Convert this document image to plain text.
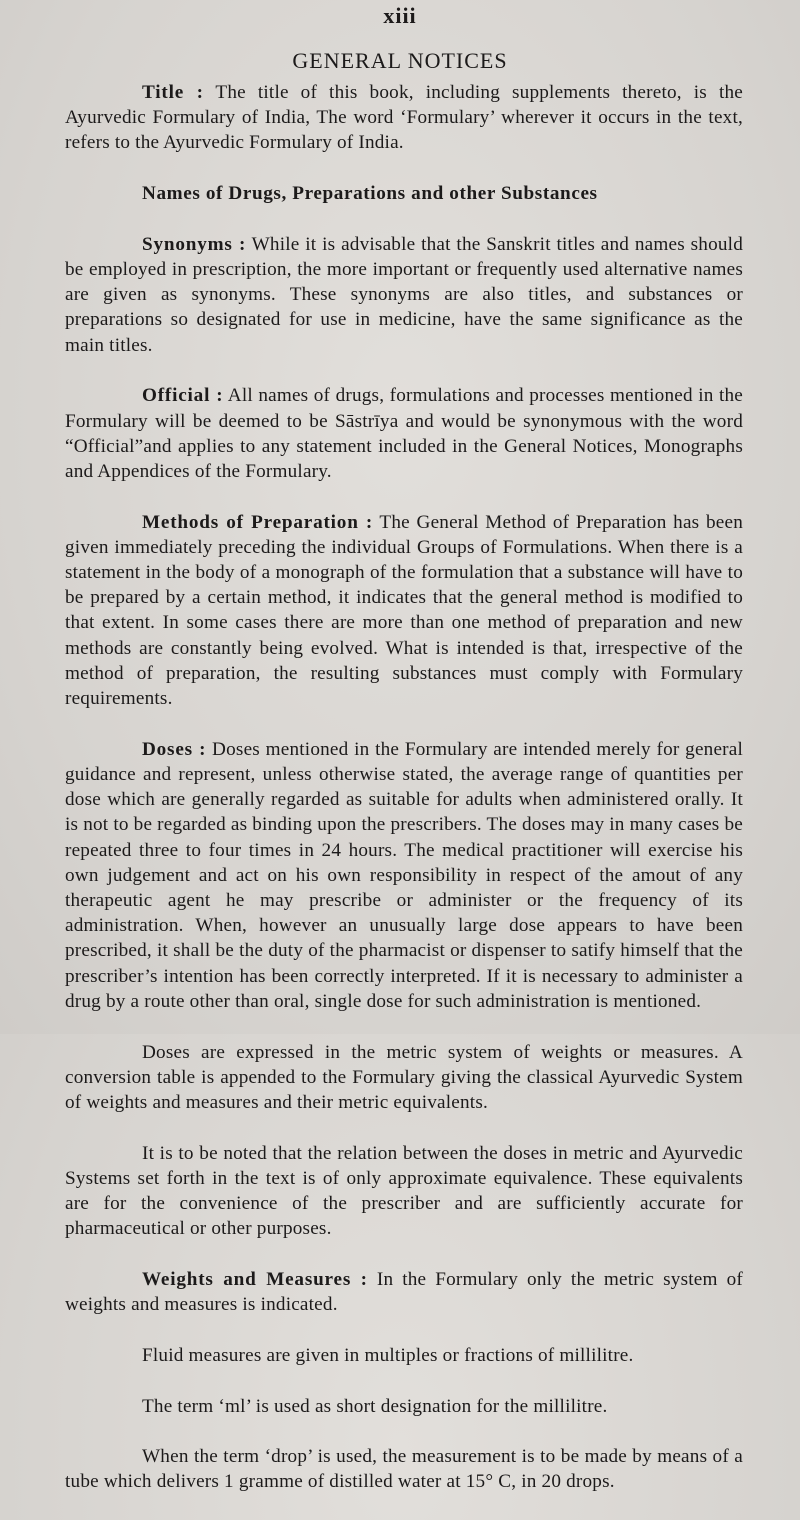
xiii
GENERAL NOTICES

Title : The title of this book, including supplements thereto, is the Ayurvedic Formulary of India, The word ‘Formulary’ wherever it occurs in the text, refers to the Ayurvedic Formulary of India.

Names of Drugs, Preparations and other Substances

Synonyms : While it is advisable that the Sanskrit titles and names should be employed in prescription, the more important or frequently used alternative names are given as synonyms. These synonyms are also titles, and substances or preparations so designated for use in medicine, have the same significance as the main titles.

Official : All names of drugs, formulations and processes mentioned in the Formulary will be deemed to be Sāstrīya and would be synonymous with the word “Official”and applies to any statement included in the General Notices, Monographs and Appendices of the Formulary.

Methods of Preparation : The General Method of Preparation has been given immediately preceding the individual Groups of Formulations. When there is a statement in the body of a monograph of the formulation that a substance will have to be prepared by a certain method, it indicates that the general method is modified to that extent. In some cases there are more than one method of preparation and new methods are constantly being evolved. What is intended is that, irrespective of the method of preparation, the resulting substances must comply with Formulary requirements.

Doses : Doses mentioned in the Formulary are intended merely for general guidance and represent, unless otherwise stated, the average range of quantities per dose which are generally regarded as suitable for adults when administered orally. It is not to be regarded as binding upon the prescribers. The doses may in many cases be repeated three to four times in 24 hours. The medical practitioner will exercise his own judgement and act on his own responsibility in respect of the amout of any therapeutic agent he may prescribe or administer or the frequency of its administration. When, however an unusually large dose appears to have been prescribed, it shall be the duty of the pharmacist or dispenser to satify himself that the prescriber’s intention has been correctly interpreted. If it is necessary to administer a drug by a route other than oral, single dose for such administration is mentioned.

Doses are expressed in the metric system of weights or measures. A conversion table is appended to the Formulary giving the classical Ayurvedic System of weights and measures and their metric equivalents.

It is to be noted that the relation between the doses in metric and Ayurvedic Systems set forth in the text is of only approximate equivalence. These equivalents are for the convenience of the prescriber and are sufficiently accurate for pharmaceutical or other purposes.

Weights and Measures : In the Formulary only the metric system of weights and measures is indicated.

Fluid measures are given in multiples or fractions of millilitre.

The term ‘ml’ is used as short designation for the millilitre.

When the term ‘drop’ is used, the measurement is to be made by means of a tube which delivers 1 gramme of distilled water at 15° C, in 20 drops.
